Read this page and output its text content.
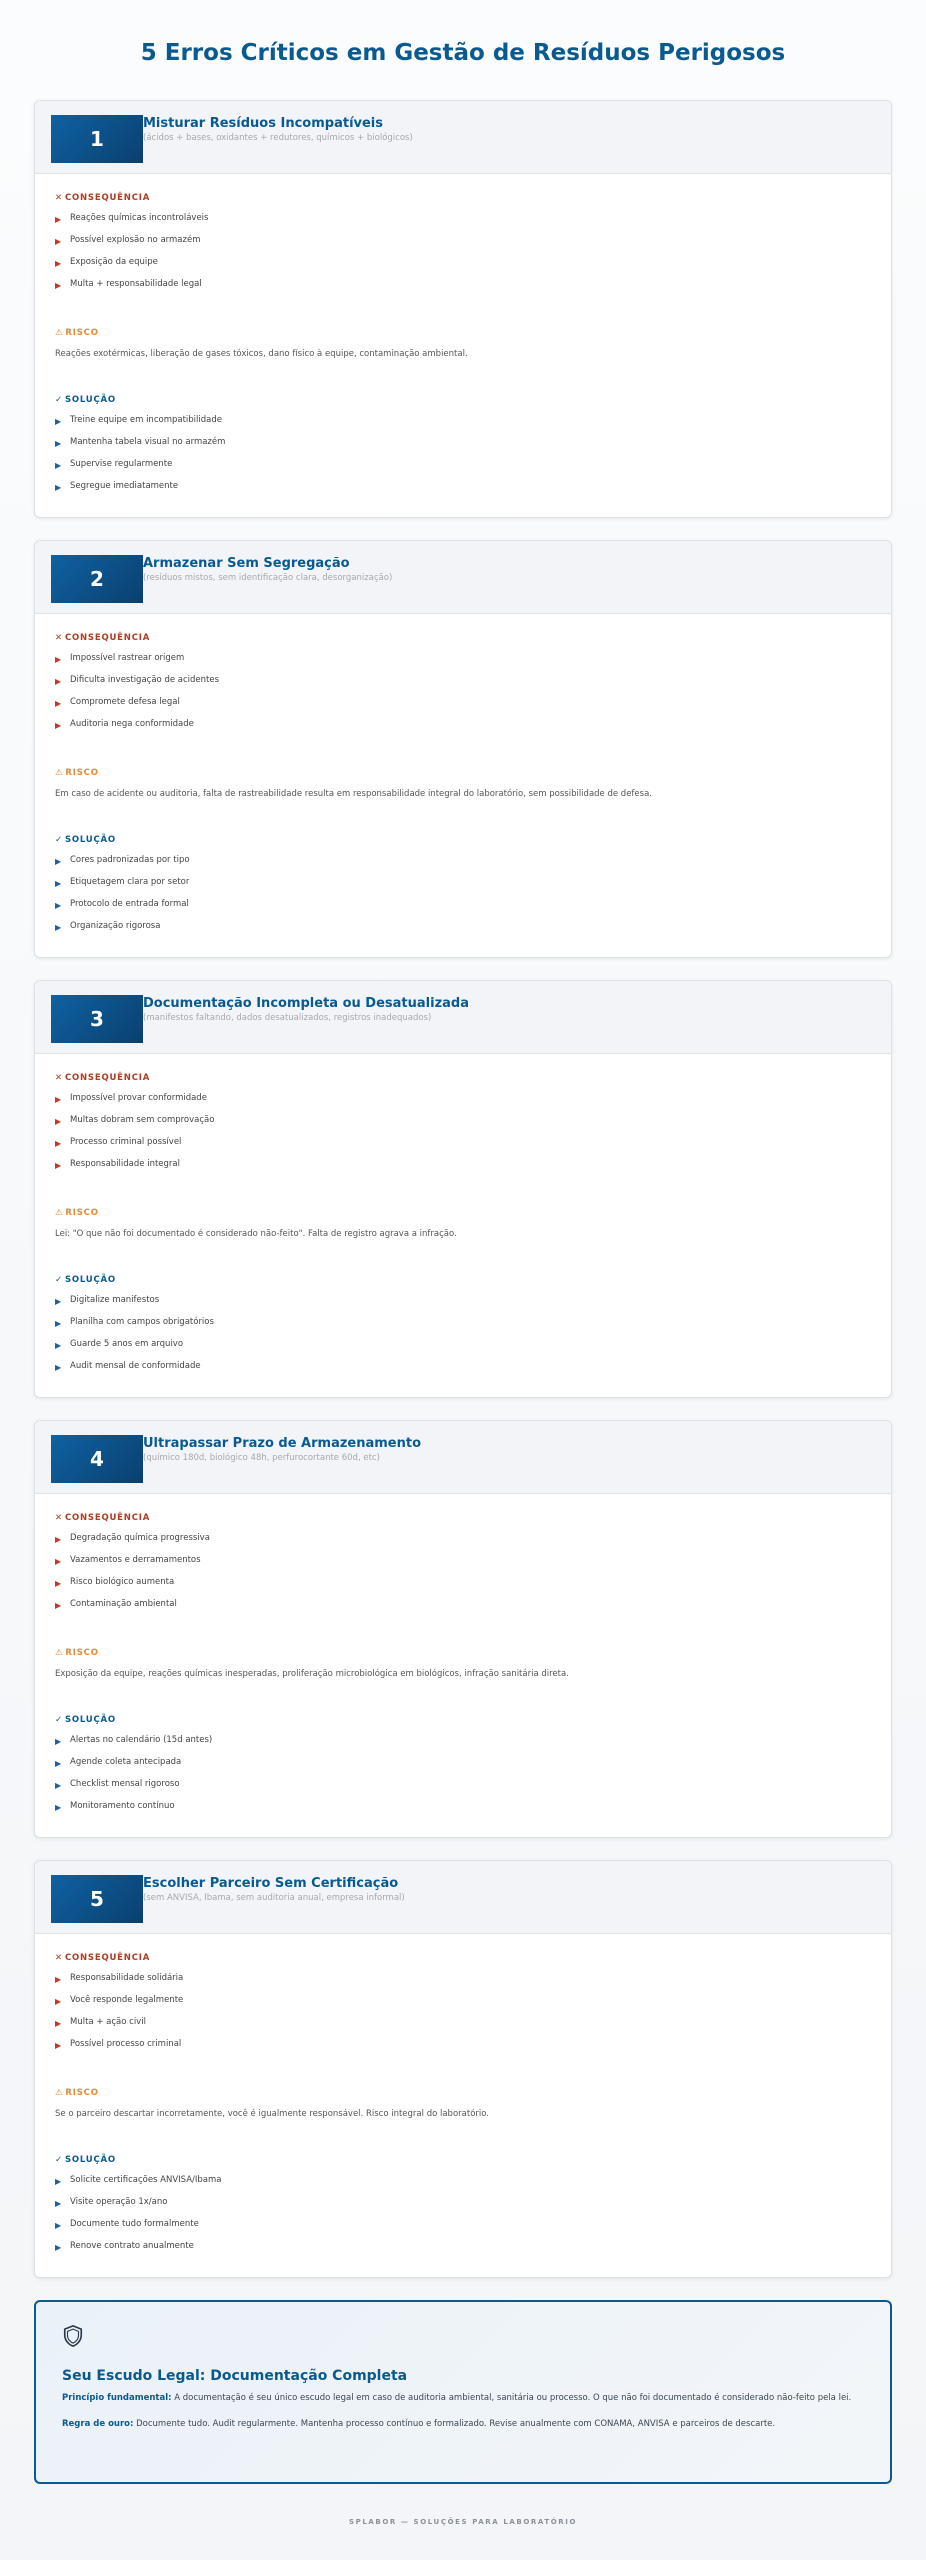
5 Erros Críticos em Gestão de Resíduos Perigosos
1
Misturar Resíduos Incompatíveis
(ácidos + bases, oxidantes + redutores, químicos + biológicos)
✕ CONSEQUÊNCIA
▶	Reações químicas incontroláveis
▶	Possível explosão no armazém
▶	Exposição da equipe
▶	Multa + responsabilidade legal
⚠ RISCO
Reações exotérmicas, liberação de gases tóxicos, dano físico à equipe, contaminação ambiental.
✓ SOLUÇÃO
▶	Treine equipe em incompatibilidade
▶	Mantenha tabela visual no armazém
▶	Supervise regularmente
▶	Segregue imediatamente
2
Armazenar Sem Segregação
(resíduos mistos, sem identificação clara, desorganização)
✕ CONSEQUÊNCIA
▶	Impossível rastrear origem
▶	Dificulta investigação de acidentes
▶	Compromete defesa legal
▶	Auditoria nega conformidade
⚠ RISCO
Em caso de acidente ou auditoria, falta de rastreabilidade resulta em responsabilidade integral do laboratório, sem possibilidade de defesa.
✓ SOLUÇÃO
▶	Cores padronizadas por tipo
▶	Etiquetagem clara por setor
▶	Protocolo de entrada formal
▶	Organização rigorosa
3
Documentação Incompleta ou Desatualizada
(manifestos faltando, dados desatualizados, registros inadequados)
✕ CONSEQUÊNCIA
▶	Impossível provar conformidade
▶	Multas dobram sem comprovação
▶	Processo criminal possível
▶	Responsabilidade integral
⚠ RISCO
Lei: "O que não foi documentado é considerado não-feito". Falta de registro agrava a infração.
✓ SOLUÇÃO
▶	Digitalize manifestos
▶	Planilha com campos obrigatórios
▶	Guarde 5 anos em arquivo
▶	Audit mensal de conformidade
4
Ultrapassar Prazo de Armazenamento
(químico 180d, biológico 48h, perfurocortante 60d, etc)
✕ CONSEQUÊNCIA
▶	Degradação química progressiva
▶	Vazamentos e derramamentos
▶	Risco biológico aumenta
▶	Contaminação ambiental
⚠ RISCO
Exposição da equipe, reações químicas inesperadas, proliferação microbiológica em biológicos, infração sanitária direta.
✓ SOLUÇÃO
▶	Alertas no calendário (15d antes)
▶	Agende coleta antecipada
▶	Checklist mensal rigoroso
▶	Monitoramento contínuo
5
Escolher Parceiro Sem Certificação
(sem ANVISA, Ibama, sem auditoria anual, empresa informal)
✕ CONSEQUÊNCIA
▶	Responsabilidade solidária
▶	Você responde legalmente
▶	Multa + ação civil
▶	Possível processo criminal
⚠ RISCO
Se o parceiro descartar incorretamente, você é igualmente responsável. Risco integral do laboratório.
✓ SOLUÇÃO
▶	Solicite certificações ANVISA/Ibama
▶	Visite operação 1x/ano
▶	Documente tudo formalmente
▶	Renove contrato anualmente
Seu Escudo Legal: Documentação Completa

Princípio fundamental: A documentação é seu único escudo legal em caso de auditoria ambiental, sanitária ou processo. O que não foi documentado é considerado não-feito pela lei.

Regra de ouro: Documente tudo. Audit regularmente. Mantenha processo contínuo e formalizado. Revise anualmente com CONAMA, ANVISA e parceiros de descarte.

SPLABOR — SOLUÇÕES PARA LABORATÓRIO
